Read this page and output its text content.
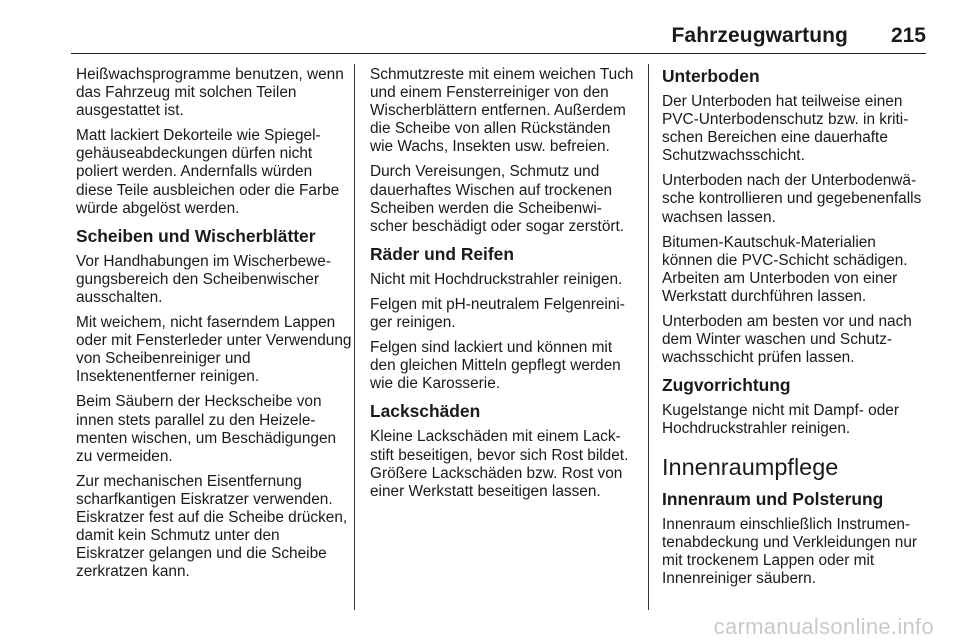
Fahrzeugwartung 215

Heißwachsprogramme benutzen, wenn das Fahrzeug mit solchen Teilen ausgestattet ist.

Matt lackiert Dekorteile wie Spiegelgehäuseabdeckungen dürfen nicht poliert werden. Andernfalls würden diese Teile ausbleichen oder die Farbe würde abgelöst werden.

Scheiben und Wischerblätter

Vor Handhabungen im Wischerbewegungsbereich den Scheibenwischer ausschalten.

Mit weichem, nicht faserndem Lappen oder mit Fensterleder unter Verwendung von Scheibenreiniger und Insektenentferner reinigen.

Beim Säubern der Heckscheibe von innen stets parallel zu den Heizelementen wischen, um Beschädigungen zu vermeiden.

Zur mechanischen Eisentfernung scharfkantigen Eiskratzer verwenden. Eiskratzer fest auf die Scheibe drücken, damit kein Schmutz unter den Eiskratzer gelangen und die Scheibe zerkratzen kann.

Schmutzreste mit einem weichen Tuch und einem Fensterreiniger von den Wischerblättern entfernen. Außerdem die Scheibe von allen Rückständen wie Wachs, Insekten usw. befreien.

Durch Vereisungen, Schmutz und dauerhaftes Wischen auf trockenen Scheiben werden die Scheibenwischer beschädigt oder sogar zerstört.

Räder und Reifen

Nicht mit Hochdruckstrahler reinigen.

Felgen mit pH-neutralem Felgenreiniger reinigen.

Felgen sind lackiert und können mit den gleichen Mitteln gepflegt werden wie die Karosserie.

Lackschäden

Kleine Lackschäden mit einem Lackstift beseitigen, bevor sich Rost bildet. Größere Lackschäden bzw. Rost von einer Werkstatt beseitigen lassen.

Unterboden

Der Unterboden hat teilweise einen PVC-Unterbodenschutz bzw. in kritischen Bereichen eine dauerhafte Schutzwachsschicht.

Unterboden nach der Unterbodenwäsche kontrollieren und gegebenenfalls wachsen lassen.

Bitumen-Kautschuk-Materialien können die PVC-Schicht schädigen. Arbeiten am Unterboden von einer Werkstatt durchführen lassen.

Unterboden am besten vor und nach dem Winter waschen und Schutzwachsschicht prüfen lassen.

Zugvorrichtung

Kugelstange nicht mit Dampf- oder Hochdruckstrahler reinigen.

Innenraumpflege
Innenraum und Polsterung

Innenraum einschließlich Instrumentenabdeckung und Verkleidungen nur mit trockenem Lappen oder mit Innenreiniger säubern.

carmanualsonline.info
